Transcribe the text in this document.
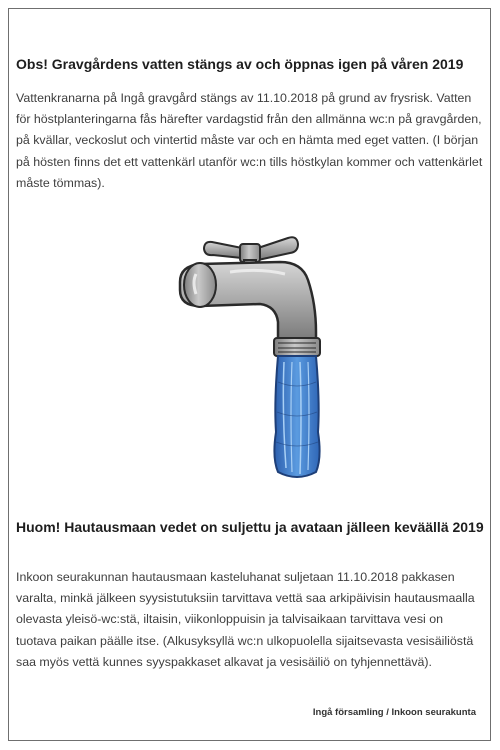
Obs! Gravgårdens vatten stängs av och öppnas igen på våren 2019

Vattenkranarna på Ingå gravgård stängs av 11.10.2018 på grund av frysrisk. Vatten för höstplanteringarna fås härefter vardagstid från den allmänna wc:n på gravgården, på kvällar, veckoslut och vintertid måste var och en hämta med eget vatten. (I början på hösten finns det ett vattenkärl utanför wc:n tills höstkylan kommer och vattenkärlet måste tömmas).

Huom! Hautausmaan vedet on suljettu ja avataan jälleen keväällä 2019

Inkoon seurakunnan hautausmaan kasteluhanat suljetaan 11.10.2018 pakkasen varalta, minkä jälkeen syysistutuksiin tarvittava vettä saa arkipäivisin hautausmaalla olevasta yleisö-wc:stä, iltaisin, viikonloppuisin ja talvisaikaan tarvittava vesi on tuotava paikan päälle itse. (Alkusyksyllä wc:n ulkopuolella sijaitsevasta vesisäiliöstä saa myös vettä kunnes syyspakkaset alkavat ja vesisäiliö on tyhjennettävä).

Ingå församling / Inkoon seurakunta
